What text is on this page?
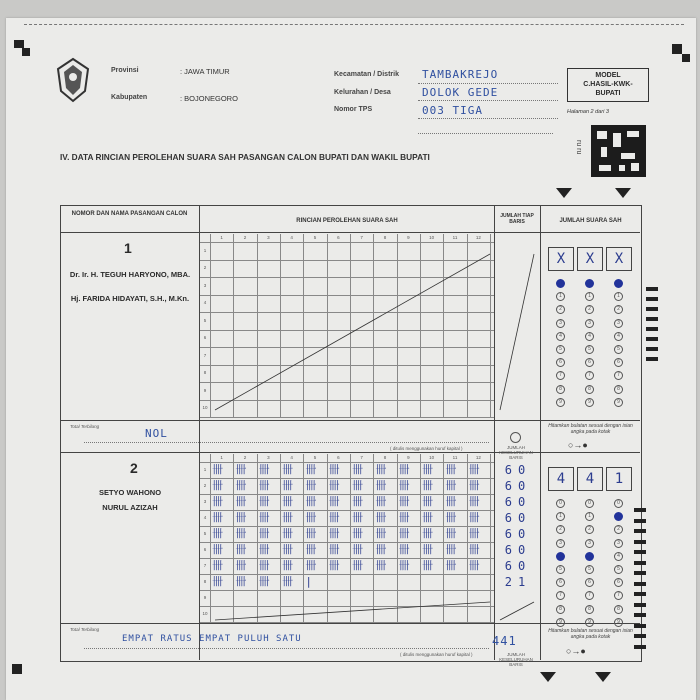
Provinsi	: JAWA TIMUR
Kabupaten	: BOJONEGORO
Kecamatan / Distrik TAMBAKREJO
Kelurahan / Desa	DOLOK GEDE
Nomor TPS	003 TIGA
MODEL
C.HASIL-KWK-
BUPATI
Halaman 2 dari 3
ru ru
IV. DATA RINCIAN PEROLEHAN SUARA SAH PASANGAN CALON BUPATI DAN WAKIL BUPATI
NOMOR DAN NAMA PASANGAN CALON
RINCIAN PEROLEHAN SUARA SAH
JUMLAH TIAP BARIS	JUMLAH SUARA SAH
1
Dr. Ir. H. TEGUH HARYONO, MBA.
Hj. FARIDA HIDAYATI, S.H., M.Kn.
2
SETYO WAHONO
NURUL AZIZAH
1	2	3	4	5	6	7	8	9	10	11	12
1
2
3
4
5
6
7
8
9
10
1	2	3	4	5	6	7	8	9	10	11	12
1 卌 卌 卌 卌 卌 卌 卌 卌 卌 卌 卌 卌	60
2 卌 卌 卌 卌 卌 卌 卌 卌 卌 卌 卌 卌	60
3 卌 卌 卌 卌 卌 卌 卌 卌 卌 卌 卌 卌	60
4 卌 卌 卌 卌 卌 卌 卌 卌 卌 卌 卌 卌	60
5 卌 卌 卌 卌 卌 卌 卌 卌 卌 卌 卌 卌	60
6 卌 卌 卌 卌 卌 卌 卌 卌 卌 卌 卌 卌	60
7 卌 卌 卌 卌 卌 卌 卌 卌 卌 卌 卌 卌	60
8 卌 卌 卌 卌 |	21
9
10
Total Terbilang
NOL
( ditulis menggunakan huruf kapital )	JUMLAH KESELURUHAN BARIS
Total Terbilang
EMPAT RATUS EMPAT PULUH SATU
( ditulis menggunakan huruf kapital )
441
JUMLAH KESELURUHAN BARIS
X
1
2
3
4
5
6
7
8
9
X
1
2
3
4
5
6
7
8
9
X
1
2
3
4
5
6
7
8
9
4
0
1
2
3
5
6
7
8
9
4
0
1
2
3
5
6
7
8
9
1
0
2
3
4
5
6
7
8
9
Hitamkan bulatan sesuai dengan isian angka pada kotak
Hitamkan bulatan sesuai dengan isian angka pada kotak
○→●
○→●
